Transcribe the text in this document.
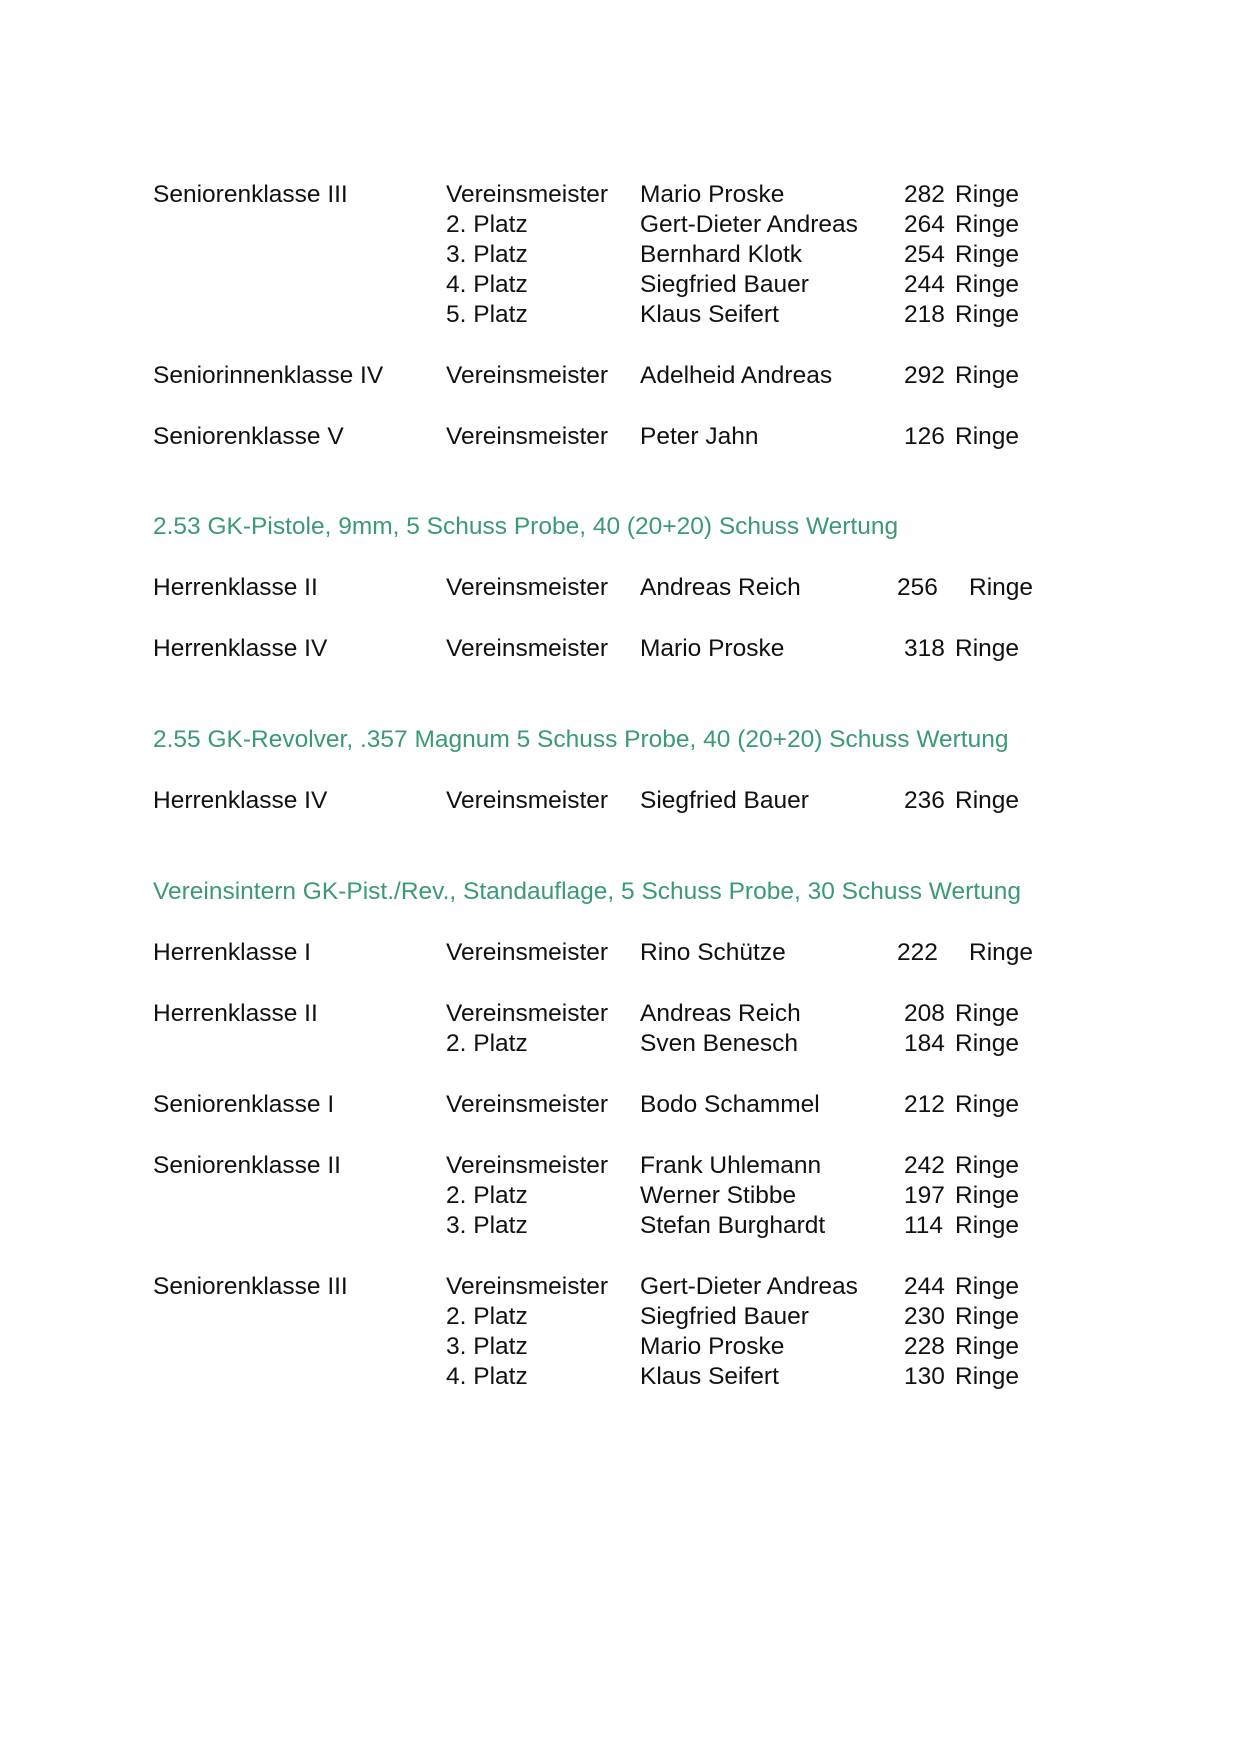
Seniorenklasse III	Vereinsmeister Mario Proske	282 Ringe
2. Platz	Gert-Dieter Andreas 264 Ringe
3. Platz	Bernhard Klotk	254 Ringe
4. Platz	Siegfried Bauer	244 Ringe
5. Platz	Klaus Seifert	218 Ringe
Seniorinnenklasse IV	Vereinsmeister Adelheid Andreas	292 Ringe
Seniorenklasse V	Vereinsmeister Peter Jahn	126 Ringe
2.53 GK-Pistole, 9mm, 5 Schuss Probe, 40 (20+20) Schuss Wertung
Herrenklasse II	Vereinsmeister Andreas Reich	256 Ringe
Herrenklasse IV	Vereinsmeister Mario Proske	318 Ringe
2.55 GK-Revolver, .357 Magnum 5 Schuss Probe, 40 (20+20) Schuss Wertung
Herrenklasse IV	Vereinsmeister Siegfried Bauer	236 Ringe
Vereinsintern GK-Pist./Rev., Standauflage, 5 Schuss Probe, 30 Schuss Wertung
Herrenklasse I	Vereinsmeister Rino Schütze	222 Ringe
Herrenklasse II	Vereinsmeister Andreas Reich	208 Ringe
2. Platz	Sven Benesch	184 Ringe
Seniorenklasse I	Vereinsmeister Bodo Schammel	212 Ringe
Seniorenklasse II	Vereinsmeister Frank Uhlemann	242 Ringe
2. Platz	Werner Stibbe	197 Ringe
3. Platz	Stefan Burghardt	114 Ringe
Seniorenklasse III	Vereinsmeister Gert-Dieter Andreas 244 Ringe
2. Platz	Siegfried Bauer	230 Ringe
3. Platz	Mario Proske	228 Ringe
4. Platz	Klaus Seifert	130 Ringe
